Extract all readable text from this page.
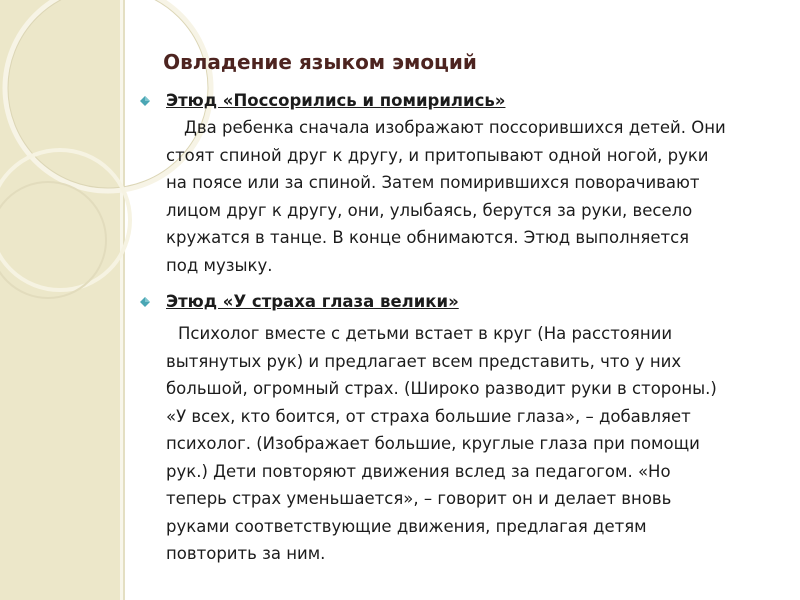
Овладение языком эмоций

Этюд «Поссорились и помирились»

Два ребенка сначала изображают поссорившихся детей. Они
стоят спиной друг к другу, и притопывают одной ногой, руки
на поясе или за спиной. Затем помирившихся поворачивают
лицом друг к другу, они, улыбаясь, берутся за руки, весело
кружатся в танце. В конце обнимаются. Этюд выполняется
под музыку.

Этюд «У страха глаза велики»

Психолог вместе с детьми встает в круг (На расстоянии
вытянутых рук) и предлагает всем представить, что у них
большой, огромный страх. (Широко разводит руки в стороны.)
«У всех, кто боится, от страха большие глаза», – добавляет
психолог. (Изображает большие, круглые глаза при помощи
рук.) Дети повторяют движения вслед за педагогом. «Но
теперь страх уменьшается», – говорит он и делает вновь
руками соответствующие движения, предлагая детям
повторить за ним.
